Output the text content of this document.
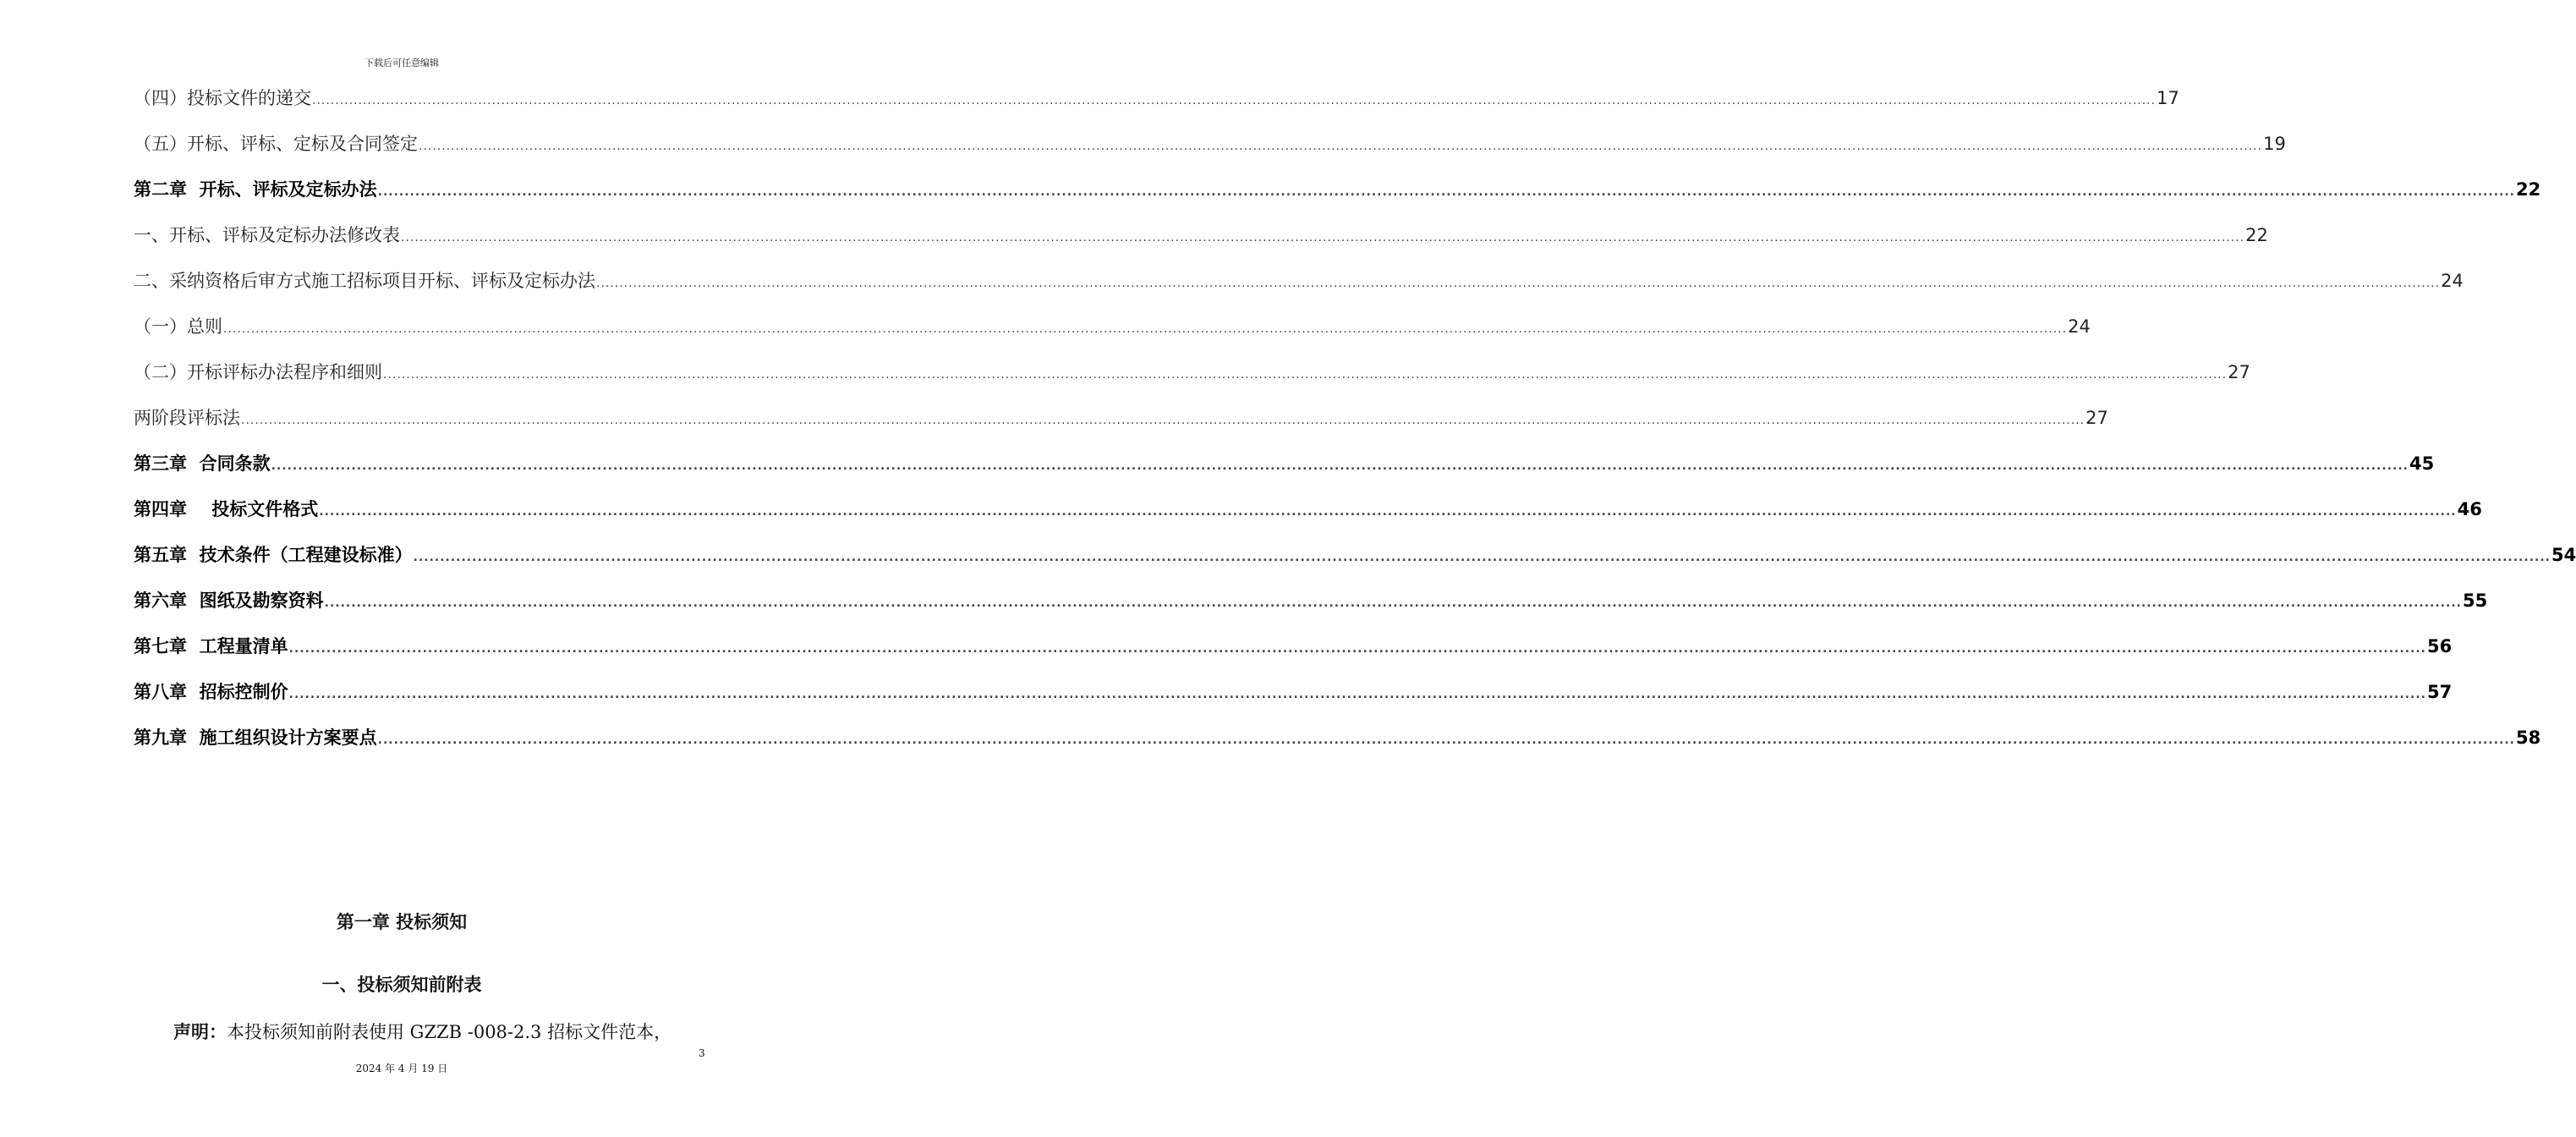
下载后可任意编辑
（四）投标文件的递交 ................................................................................................................................................................................................................................................................................................................................................................................................................ 17
（五）开标、评标、定标及合同签定 ................................................................................................................................................................................................................................................................................................................................................................................................................ 19
第二章  开标、评标及定标办法 ................................................................................................................................................................................................................................................................................................................................................................................................................ 22
一、开标、评标及定标办法修改表 ................................................................................................................................................................................................................................................................................................................................................................................................................ 22
二、采纳资格后审方式施工招标项目开标、评标及定标办法 ................................................................................................................................................................................................................................................................................................................................................................................................................ 24
（一）总则 ................................................................................................................................................................................................................................................................................................................................................................................................................ 24
（二）开标评标办法程序和细则 ................................................................................................................................................................................................................................................................................................................................................................................................................ 27
两阶段评标法 ................................................................................................................................................................................................................................................................................................................................................................................................................ 27
第三章  合同条款 ................................................................................................................................................................................................................................................................................................................................................................................................................ 45
第四章    投标文件格式 ................................................................................................................................................................................................................................................................................................................................................................................................................ 46
第五章  技术条件（工程建设标准） ................................................................................................................................................................................................................................................................................................................................................................................................................ 54
第六章  图纸及勘察资料 ................................................................................................................................................................................................................................................................................................................................................................................................................ 55
第七章  工程量清单 ................................................................................................................................................................................................................................................................................................................................................................................................................ 56
第八章  招标控制价 ................................................................................................................................................................................................................................................................................................................................................................................................................ 57
第九章  施工组织设计方案要点 ................................................................................................................................................................................................................................................................................................................................................................................................................ 58
第一章 投标须知
一、投标须知前附表
声明：本投标须知前附表使用 GZZB -008-2.3 招标文件范本，
3
2024 年 4 月 19 日
